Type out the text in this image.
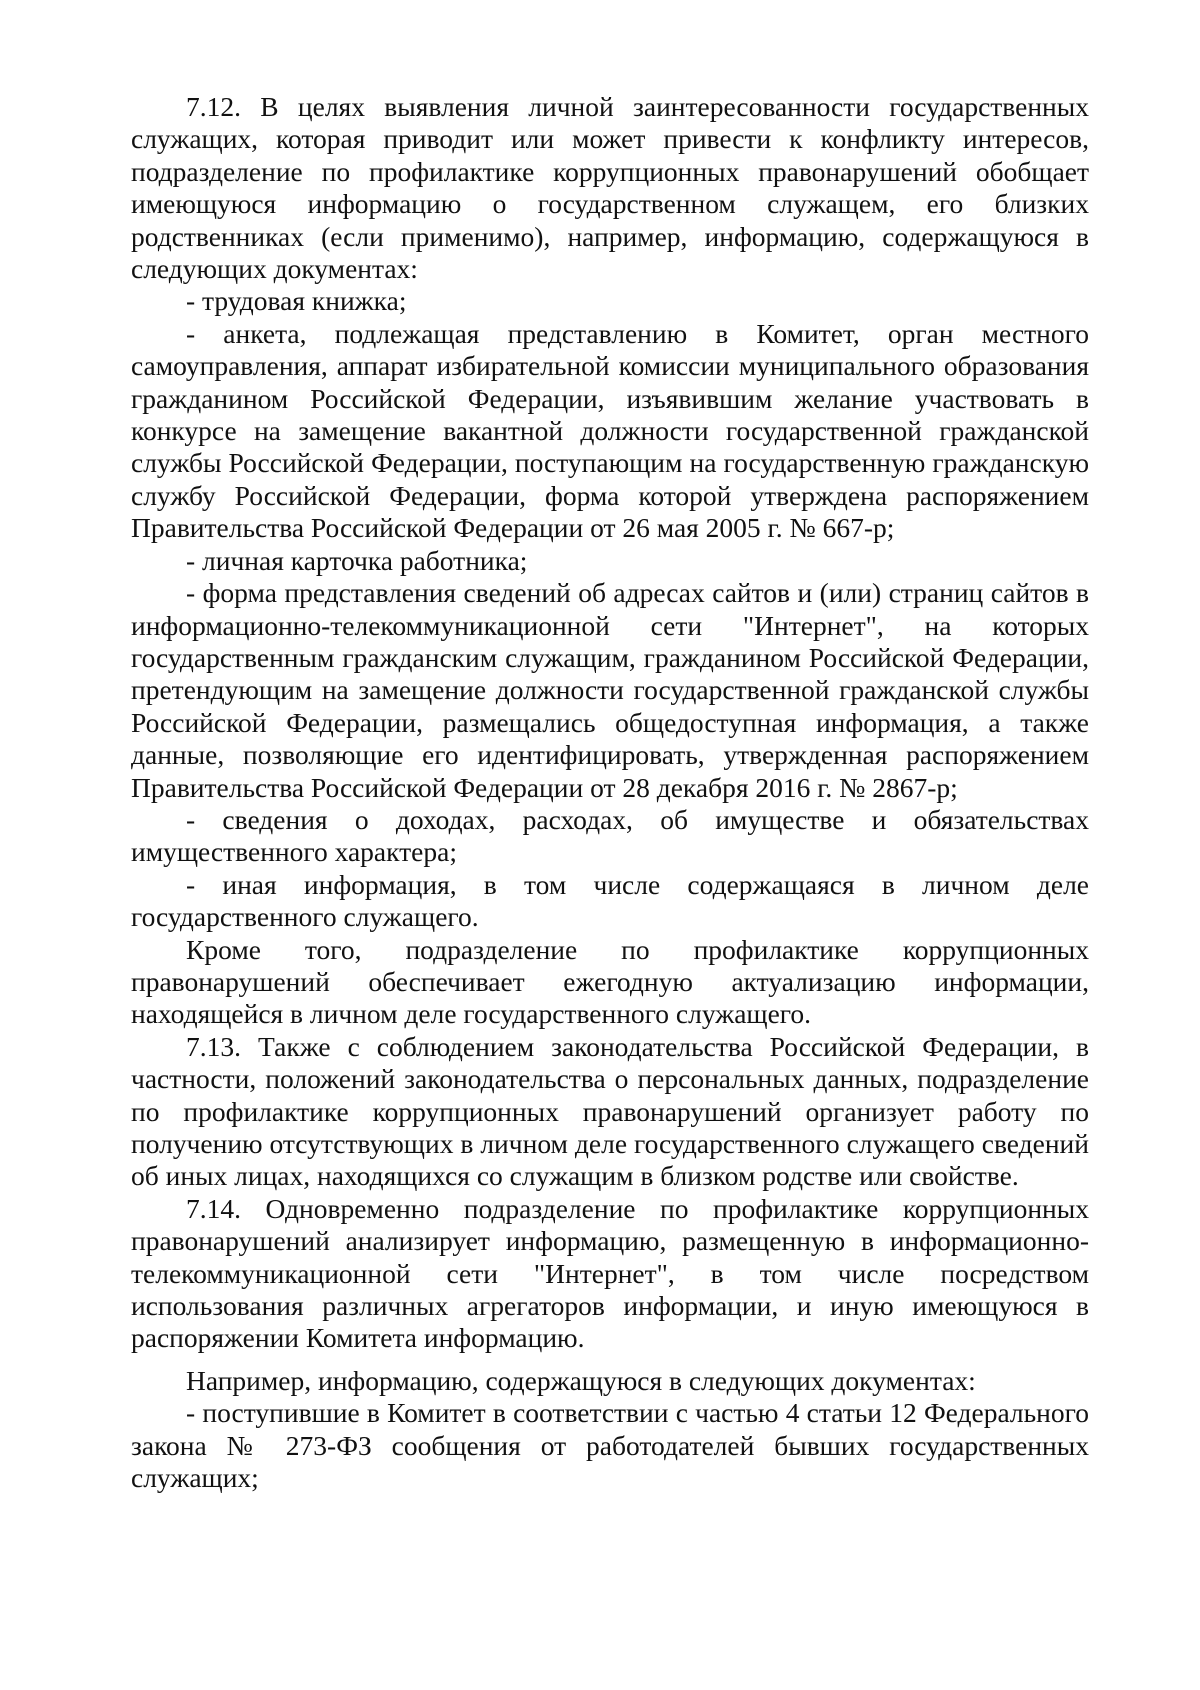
7.12. В целях выявления личной заинтересованности государственных служащих, которая приводит или может привести к конфликту интересов, подразделение по профилактике коррупционных правонарушений обобщает имеющуюся информацию о государственном служащем, его близких родственниках (если применимо), например, информацию, содержащуюся в следующих документах:

- трудовая книжка;

- анкета, подлежащая представлению в Комитет, орган местного самоуправления, аппарат избирательной комиссии муниципального образования гражданином Российской Федерации, изъявившим желание участвовать в конкурсе на замещение вакантной должности государственной гражданской службы Российской Федерации, поступающим на государственную гражданскую службу Российской Федерации, форма которой утверждена распоряжением Правительства Российской Федерации от 26 мая 2005 г. № 667-р;

- личная карточка работника;

- форма представления сведений об адресах сайтов и (или) страниц сайтов в информационно-телекоммуникационной сети "Интернет", на которых государственным гражданским служащим, гражданином Российской Федерации, претендующим на замещение должности государственной гражданской службы Российской Федерации, размещались общедоступная информация, а также данные, позволяющие его идентифицировать, утвержденная распоряжением Правительства Российской Федерации от 28 декабря 2016 г. № 2867-р;

- сведения о доходах, расходах, об имуществе и обязательствах имущественного характера;

- иная информация, в том числе содержащаяся в личном деле государственного служащего.

Кроме того, подразделение по профилактике коррупционных правонарушений обеспечивает ежегодную актуализацию информации, находящейся в личном деле государственного служащего.

7.13. Также с соблюдением законодательства Российской Федерации, в частности, положений законодательства о персональных данных, подразделение по профилактике коррупционных правонарушений организует работу по получению отсутствующих в личном деле государственного служащего сведений об иных лицах, находящихся со служащим в близком родстве или свойстве.

7.14. Одновременно подразделение по профилактике коррупционных правонарушений анализирует информацию, размещенную в информационно-телекоммуникационной сети "Интернет", в том числе посредством использования различных агрегаторов информации, и иную имеющуюся в распоряжении Комитета информацию.

Например, информацию, содержащуюся в следующих документах:

- поступившие в Комитет в соответствии с частью 4 статьи 12 Федерального закона № 273-ФЗ сообщения от работодателей бывших государственных служащих;
